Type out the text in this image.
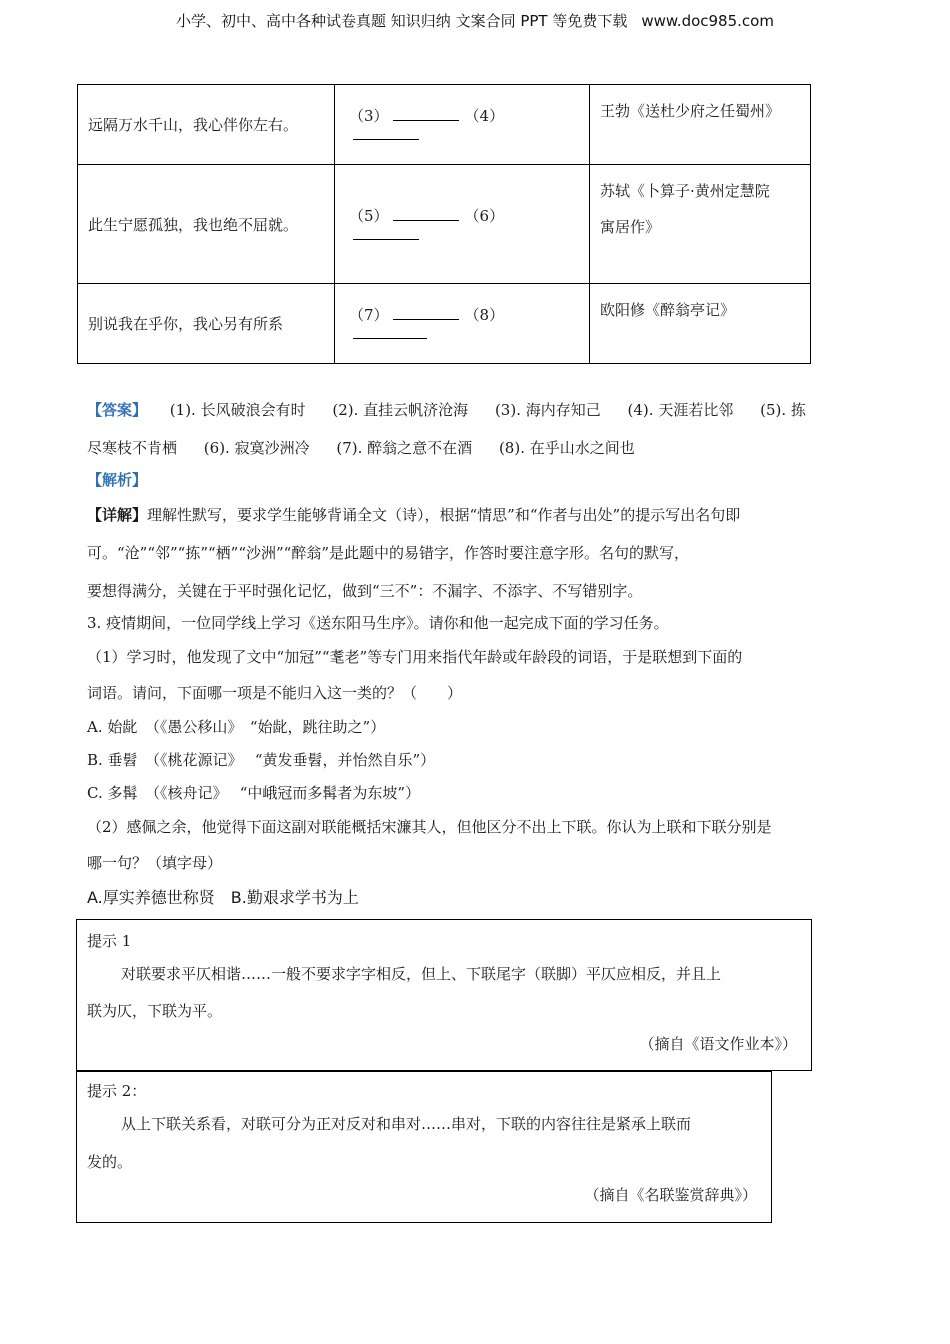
小学、初中、高中各种试卷真题 知识归纳 文案合同 PPT 等免费下载 www.doc985.com
远隔万水千山，我心伴你左右。	（3） （4）	王勃《送杜少府之任蜀州》

此生宁愿孤独，我也绝不屈就。	（5） （6）	苏轼《卜算子·黄州定慧院
寓居作》

别说我在乎你，我心另有所系	（7） （8）	欧阳修《醉翁亭记》
【答案】 (1). 长风破浪会有时 (2). 直挂云帆济沧海 (3). 海内存知己 (4). 天涯若比邻 (5). 拣
尽寒枝不肯栖 (6). 寂寞沙洲冷 (7). 醉翁之意不在酒 (8). 在乎山水之间也
【解析】
【详解】理解性默写，要求学生能够背诵全文（诗），根据“情思”和“作者与出处”的提示写出名句即
可。“沧”“邻”“拣”“栖”“沙洲”“醉翁”是此题中的易错字，作答时要注意字形。名句的默写，
要想得满分，关键在于平时强化记忆，做到“三不”：不漏字、不添字、不写错别字。
3. 疫情期间，一位同学线上学习《送东阳马生序》。请你和他一起完成下面的学习任务。
（1）学习时，他发现了文中“加冠”“耄老”等专门用来指代年龄或年龄段的词语，于是联想到下面的
词语。请问，下面哪一项是不能归入这一类的？（　　）
A. 始龀　（《愚公移山》　“始龀，跳往助之”）
B. 垂髫　（《桃花源记》　 “黄发垂髫，并怡然自乐”）
C. 多髯　（《核舟记》　 “中峨冠而多髯者为东坡”）
（2）感佩之余，他觉得下面这副对联能概括宋濂其人，但他区分不出上下联。你认为上联和下联分别是
哪一句？（填字母）
A.厚实养德世称贤　B.勤艰求学书为上
提示 1
对联要求平仄相谐……一般不要求字字相反，但上、下联尾字（联脚）平仄应相反，并且上
联为仄，下联为平。
（摘自《语文作业本》）
提示 2：
从上下联关系看，对联可分为正对反对和串对……串对，下联的内容往往是紧承上联而
发的。
（摘自《名联鉴赏辞典》）
